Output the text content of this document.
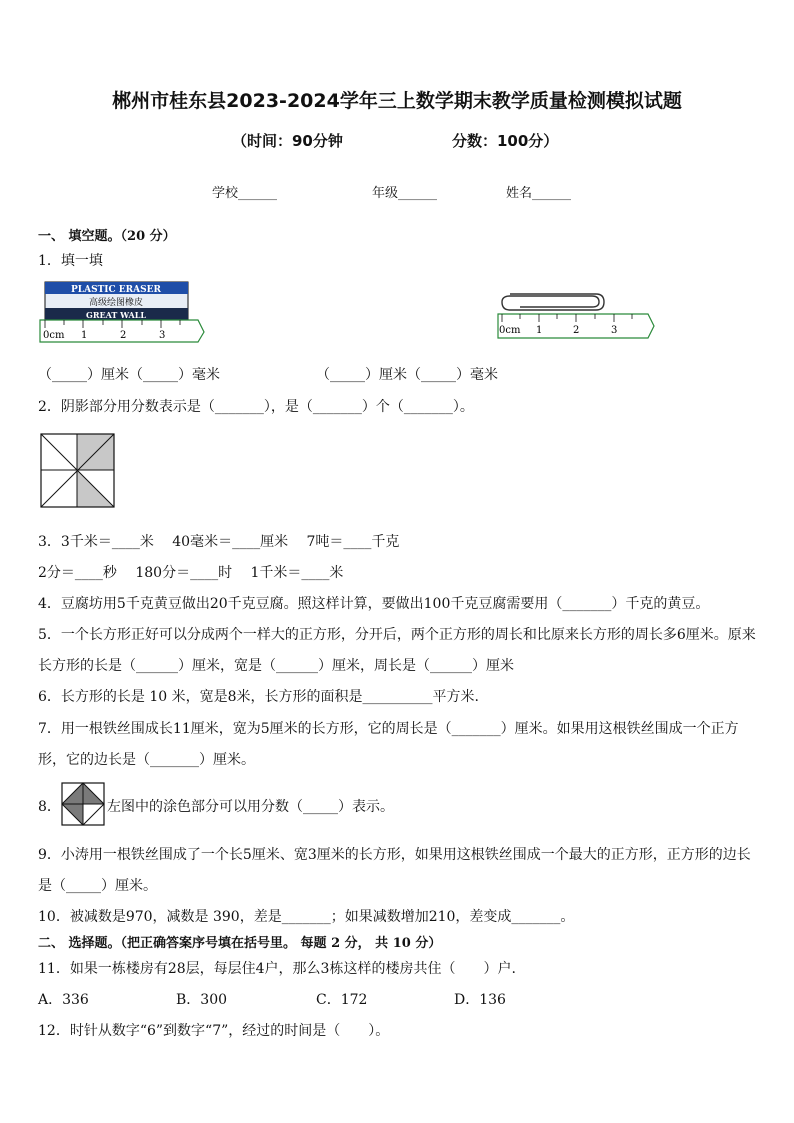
郴州市桂东县2023-2024学年三上数学期末教学质量检测模拟试题
（时间：90分钟	分数：100分）
学校______	年级______	姓名______
一、 填空题。（20 分）
1．填一填
PLASTIC ERASER
高级绘图橡皮
GREAT WALL
0cm 1	2	3	0cm 1	2	3
（_____）厘米（_____）毫米	（_____）厘米（_____）毫米
2．阴影部分用分数表示是（_______），是（_______）个（_______）。
3．3千米＝____米　 40毫米＝____厘米　 7吨＝____千克
2分＝____秒　 180分＝____时　 1千米＝____米
4．豆腐坊用5千克黄豆做出20千克豆腐。照这样计算，要做出100千克豆腐需要用（_______）千克的黄豆。
5．一个长方形正好可以分成两个一样大的正方形，分开后，两个正方形的周长和比原来长方形的周长多6厘米。原来
长方形的长是（______）厘米，宽是（______）厘米，周长是（______）厘米
6．长方形的长是 10 米，宽是8米，长方形的面积是__________平方米.
7．用一根铁丝围成长11厘米，宽为5厘米的长方形，它的周长是（_______）厘米。如果用这根铁丝围成一个正方
形，它的边长是（_______）厘米。
8．	左图中的涂色部分可以用分数（_____）表示。
9．小涛用一根铁丝围成了一个长5厘米、宽3厘米的长方形，如果用这根铁丝围成一个最大的正方形，正方形的边长
是（_____）厘米。
10．被减数是970，减数是 390，差是_______；如果减数增加210，差变成_______。
二、 选择题。（把正确答案序号填在括号里。 每题 2 分， 共 10 分）
11．如果一栋楼房有28层，每层住4户，那么3栋这样的楼房共住（　　）户.
A．336	B．300	C．172	D．136
12．时针从数字“6”到数字“7”，经过的时间是（　　）。
